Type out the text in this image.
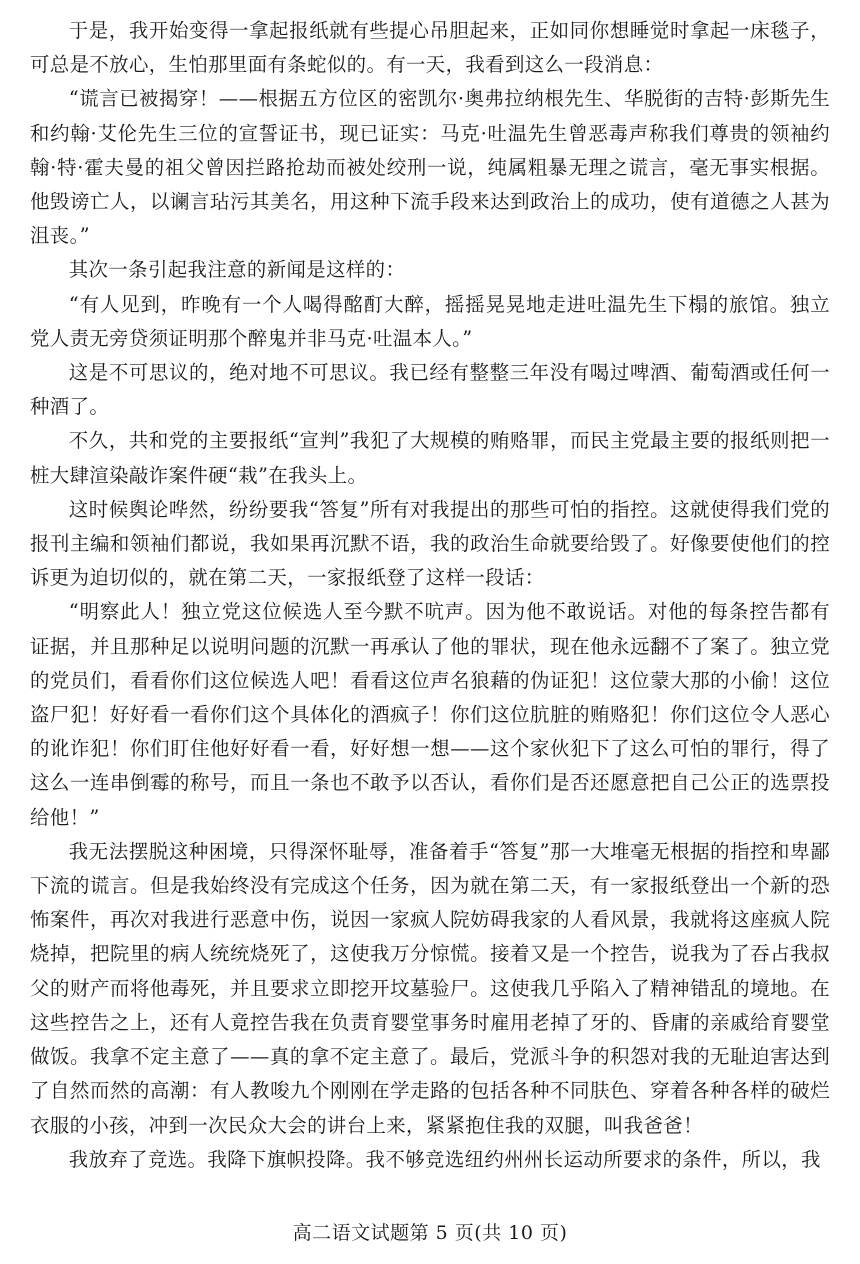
于是，我开始变得一拿起报纸就有些提心吊胆起来，正如同你想睡觉时拿起一床毯子，可总是不放心，生怕那里面有条蛇似的。有一天，我看到这么一段消息：

“谎言已被揭穿！——根据五方位区的密凯尔·奥弗拉纳根先生、华脱街的吉特·彭斯先生和约翰·艾伦先生三位的宣誓证书，现已证实：马克·吐温先生曾恶毒声称我们尊贵的领袖约翰·特·霍夫曼的祖父曾因拦路抢劫而被处绞刑一说，纯属粗暴无理之谎言，毫无事实根据。他毁谤亡人，以谰言玷污其美名，用这种下流手段来达到政治上的成功，使有道德之人甚为沮丧。”

其次一条引起我注意的新闻是这样的：

“有人见到，昨晚有一个人喝得酩酊大醉，摇摇晃晃地走进吐温先生下榻的旅馆。独立党人责无旁贷须证明那个醉鬼并非马克·吐温本人。”

这是不可思议的，绝对地不可思议。我已经有整整三年没有喝过啤酒、葡萄酒或任何一种酒了。

不久，共和党的主要报纸“宣判”我犯了大规模的贿赂罪，而民主党最主要的报纸则把一桩大肆渲染敲诈案件硬“栽”在我头上。

这时候舆论哗然，纷纷要我“答复”所有对我提出的那些可怕的指控。这就使得我们党的报刊主编和领袖们都说，我如果再沉默不语，我的政治生命就要给毁了。好像要使他们的控诉更为迫切似的，就在第二天，一家报纸登了这样一段话：

“明察此人！独立党这位候选人至今默不吭声。因为他不敢说话。对他的每条控告都有证据，并且那种足以说明问题的沉默一再承认了他的罪状，现在他永远翻不了案了。独立党的党员们，看看你们这位候选人吧！看看这位声名狼藉的伪证犯！这位蒙大那的小偷！这位盗尸犯！好好看一看你们这个具体化的酒疯子！你们这位肮脏的贿赂犯！你们这位令人恶心的讹诈犯！你们盯住他好好看一看，好好想一想——这个家伙犯下了这么可怕的罪行，得了这么一连串倒霉的称号，而且一条也不敢予以否认，看你们是否还愿意把自己公正的选票投给他！”

我无法摆脱这种困境，只得深怀耻辱，准备着手“答复”那一大堆毫无根据的指控和卑鄙下流的谎言。但是我始终没有完成这个任务，因为就在第二天，有一家报纸登出一个新的恐怖案件，再次对我进行恶意中伤，说因一家疯人院妨碍我家的人看风景，我就将这座疯人院烧掉，把院里的病人统统烧死了，这使我万分惊慌。接着又是一个控告，说我为了吞占我叔父的财产而将他毒死，并且要求立即挖开坟墓验尸。这使我几乎陷入了精神错乱的境地。在这些控告之上，还有人竟控告我在负责育婴堂事务时雇用老掉了牙的、昏庸的亲戚给育婴堂做饭。我拿不定主意了——真的拿不定主意了。最后，党派斗争的积怨对我的无耻迫害达到了自然而然的高潮：有人教唆九个刚刚在学走路的包括各种不同肤色、穿着各种各样的破烂衣服的小孩，冲到一次民众大会的讲台上来，紧紧抱住我的双腿，叫我爸爸！

我放弃了竞选。我降下旗帜投降。我不够竞选纽约州州长运动所要求的条件，所以，我

高二语文试题第 5 页(共 10 页)
